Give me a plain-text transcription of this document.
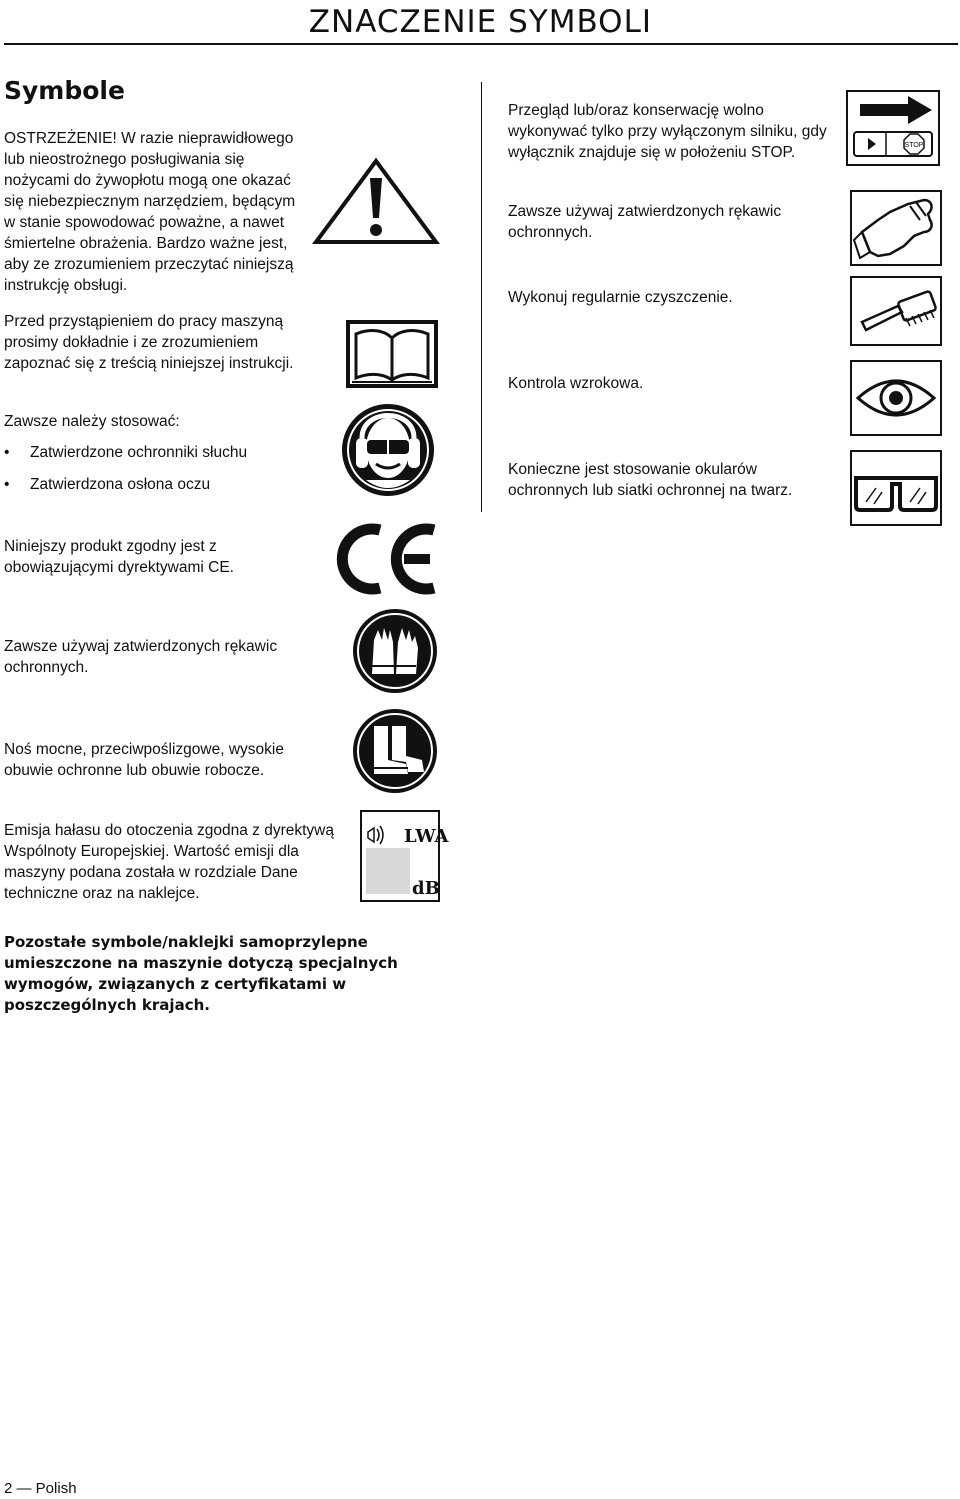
ZNACZENIE SYMBOLI
Symbole
OSTRZEŻENIE! W razie nieprawidłowego lub nieostrożnego posługiwania się nożycami do żywopłotu mogą one okazać się niebezpiecznym narzędziem, będącym w stanie spowodować poważne, a nawet śmiertelne obrażenia. Bardzo ważne jest, aby ze zrozumieniem przeczytać niniejszą instrukcję obsługi.
Przed przystąpieniem do pracy maszyną prosimy dokładnie i ze zrozumieniem zapoznać się z treścią niniejszej instrukcji.
Zawsze należy stosować:
• Zatwierdzone ochronniki słuchu
• Zatwierdzona osłona oczu
Niniejszy produkt zgodny jest z obowiązującymi dyrektywami CE.
Zawsze używaj zatwierdzonych rękawic ochronnych.
Noś mocne, przeciwpoślizgowe, wysokie obuwie ochronne lub obuwie robocze.
Emisja hałasu do otoczenia zgodna z dyrektywą Wspólnoty Europejskiej. Wartość emisji dla maszyny podana została w rozdziale Dane techniczne oraz na naklejce.
Pozostałe symbole/naklejki samoprzylepne umieszczone na maszynie dotyczą specjalnych wymogów, związanych z certyfikatami w poszczególnych krajach.
Przegląd lub/oraz konserwację wolno wykonywać tylko przy wyłączonym silniku, gdy wyłącznik znajduje się w położeniu STOP.
Zawsze używaj zatwierdzonych rękawic ochronnych.
Wykonuj regularnie czyszczenie.
Kontrola wzrokowa.
Konieczne jest stosowanie okularów ochronnych lub siatki ochronnej na twarz.
LWA
dB
STOP
2 — Polish
